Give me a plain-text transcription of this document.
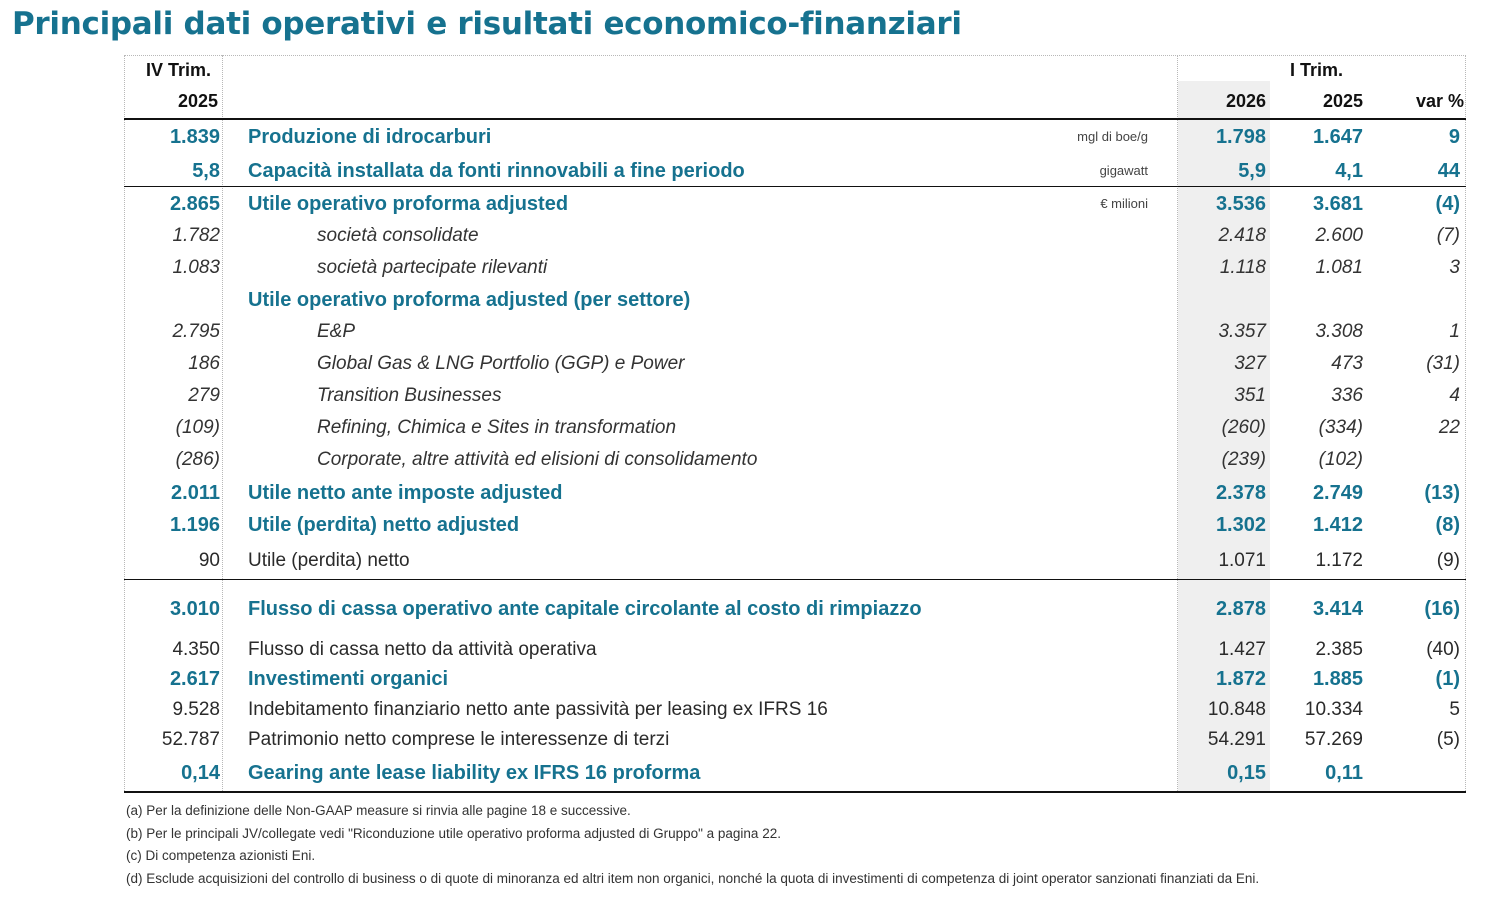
Principali dati operativi e risultati economico-finanziari
IV Trim.
2025
I Trim.
2026	2025	var %
1.839 Produzione di idrocarburi	mgl di boe/g	1.798 1.647	9
5,8 Capacità installata da fonti rinnovabili a fine periodo	gigawatt	5,9	4,1	44
2.865 Utile operativo proforma adjusted	€ milioni	3.536 3.681	(4)
1.782	società consolidate	2.418	2.600	(7)
1.083	società partecipate rilevanti	1.118	1.081	3
Utile operativo proforma adjusted (per settore)
2.795	E&P	3.357	3.308	1
186	Global Gas & LNG Portfolio (GGP) e Power	327	473	(31)
279	Transition Businesses	351	336	4
(109)	Refining, Chimica e Sites in transformation	(260)	(334)	22
(286)	Corporate, altre attività ed elisioni di consolidamento	(239)	(102)
2.011 Utile netto ante imposte adjusted	2.378 2.749	(13)
1.196 Utile (perdita) netto adjusted	1.302 1.412	(8)
90 Utile (perdita) netto	1.071	1.172	(9)
3.010 Flusso di cassa operativo ante capitale circolante al costo di rimpiazzo	2.878 3.414	(16)
4.350 Flusso di cassa netto da attività operativa	1.427	2.385	(40)
2.617 Investimenti organici	1.872 1.885	(1)
9.528 Indebitamento finanziario netto ante passività per leasing ex IFRS 16	10.848 10.334	5
52.787 Patrimonio netto comprese le interessenze di terzi	54.291 57.269	(5)
0,14 Gearing ante lease liability ex IFRS 16 proforma	0,15	0,11
(a) Per la definizione delle Non-GAAP measure si rinvia alle pagine 18 e successive.
(b) Per le principali JV/collegate vedi "Riconduzione utile operativo proforma adjusted di Gruppo" a pagina 22.
(c) Di competenza azionisti Eni.
(d) Esclude acquisizioni del controllo di business o di quote di minoranza ed altri item non organici, nonché la quota di investimenti di competenza di joint operator sanzionati finanziati da Eni.
